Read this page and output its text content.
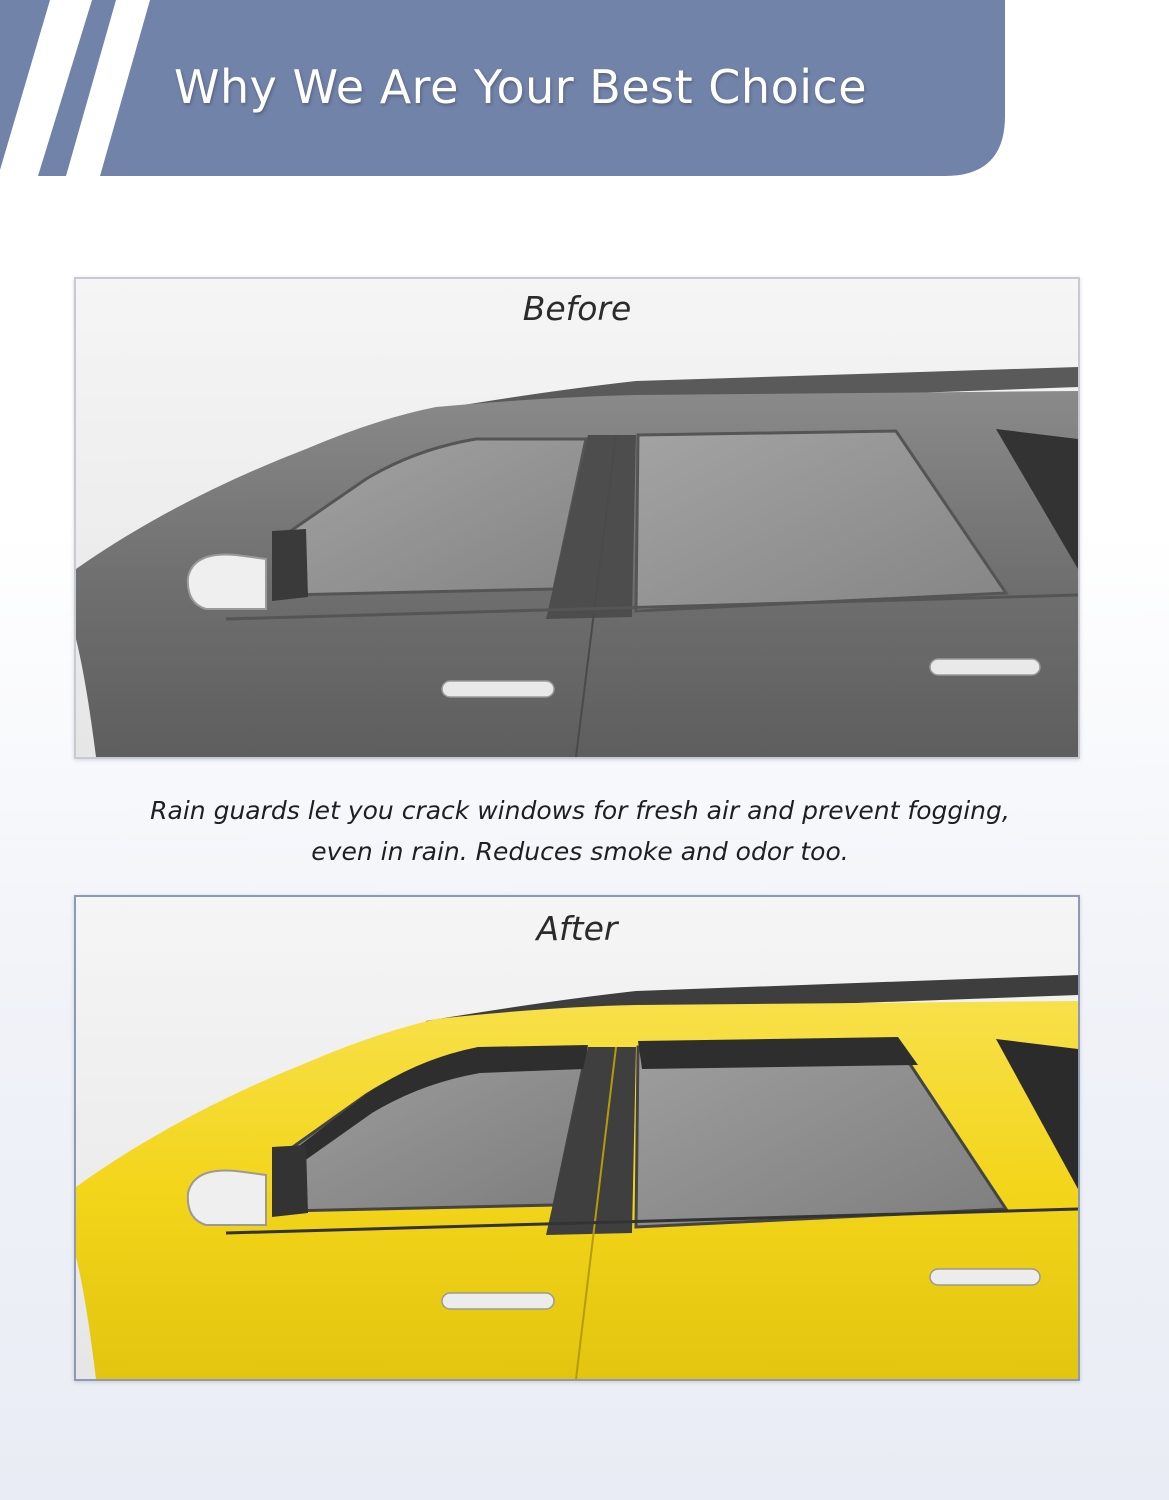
Why We Are Your Best Choice
Before
Rain guards let you crack windows for fresh air and prevent fogging,
even in rain. Reduces smoke and odor too.
After
